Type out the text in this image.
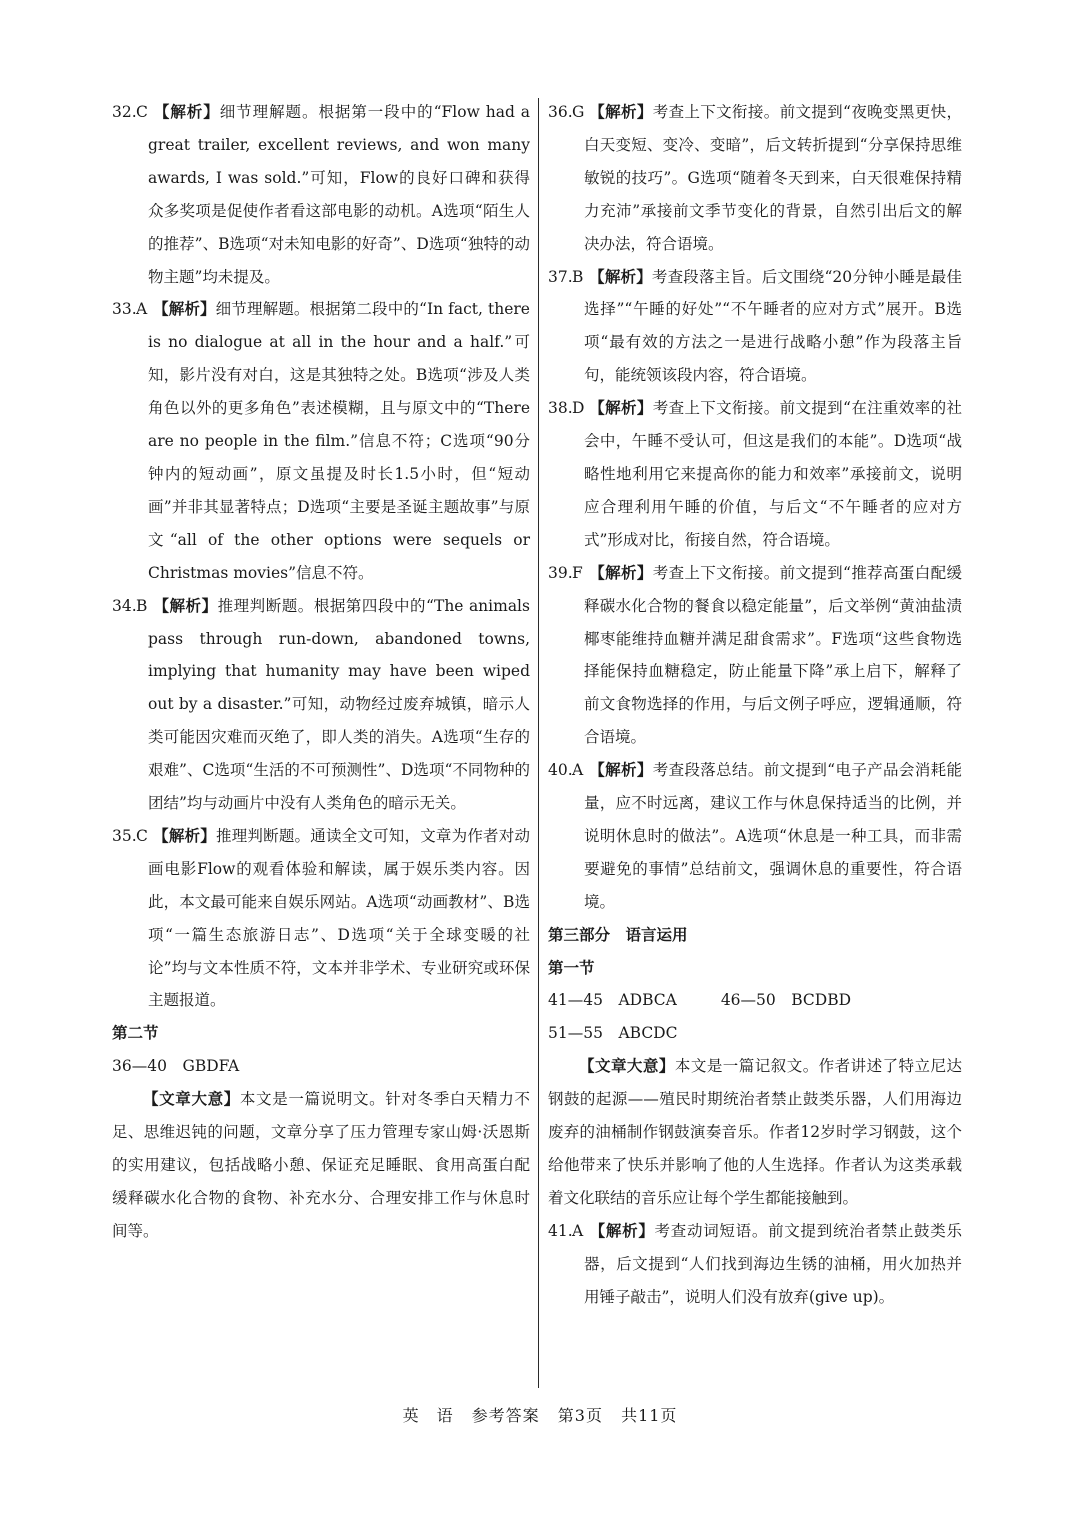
32.C 【解析】细节理解题。根据第一段中的“Flow had a great trailer, excellent reviews, and won many awards, I was sold.”可知，Flow的良好口碑和获得众多奖项是促使作者看这部电影的动机。A选项“陌生人的推荐”、B选项“对未知电影的好奇”、D选项“独特的动物主题”均未提及。
33.A 【解析】细节理解题。根据第二段中的“In fact, there is no dialogue at all in the hour and a half.”可知，影片没有对白，这是其独特之处。B选项“涉及人类角色以外的更多角色”表述模糊，且与原文中的“There are no people in the film.”信息不符；C选项“90分钟内的短动画”，原文虽提及时长1.5小时，但“短动画”并非其显著特点；D选项“主要是圣诞主题故事”与原文“all of the other options were sequels or Christmas movies”信息不符。
34.B 【解析】推理判断题。根据第四段中的“The animals pass through run-down, abandoned towns, implying that humanity may have been wiped out by a disaster.”可知，动物经过废弃城镇，暗示人类可能因灾难而灭绝了，即人类的消失。A选项“生存的艰难”、C选项“生活的不可预测性”、D选项“不同物种的团结”均与动画片中没有人类角色的暗示无关。
35.C 【解析】推理判断题。通读全文可知，文章为作者对动画电影Flow的观看体验和解读，属于娱乐类内容。因此，本文最可能来自娱乐网站。A选项“动画教材”、B选项“一篇生态旅游日志”、D选项“关于全球变暖的社论”均与文本性质不符，文本并非学术、专业研究或环保主题报道。
第二节
36—40　GBDFA
【文章大意】本文是一篇说明文。针对冬季白天精力不足、思维迟钝的问题，文章分享了压力管理专家山姆·沃恩斯的实用建议，包括战略小憩、保证充足睡眠、食用高蛋白配缓释碳水化合物的食物、补充水分、合理安排工作与休息时间等。
36.G 【解析】考查上下文衔接。前文提到“夜晚变黑更快，白天变短、变冷、变暗”，后文转折提到“分享保持思维敏锐的技巧”。G选项“随着冬天到来，白天很难保持精力充沛”承接前文季节变化的背景，自然引出后文的解决办法，符合语境。
37.B 【解析】考查段落主旨。后文围绕“20分钟小睡是最佳选择”“午睡的好处”“不午睡者的应对方式”展开。B选项“最有效的方法之一是进行战略小憩”作为段落主旨句，能统领该段内容，符合语境。
38.D 【解析】考查上下文衔接。前文提到“在注重效率的社会中，午睡不受认可，但这是我们的本能”。D选项“战略性地利用它来提高你的能力和效率”承接前文，说明应合理利用午睡的价值，与后文“不午睡者的应对方式”形成对比，衔接自然，符合语境。
39.F 【解析】考查上下文衔接。前文提到“推荐高蛋白配缓释碳水化合物的餐食以稳定能量”，后文举例“黄油盐渍椰枣能维持血糖并满足甜食需求”。F选项“这些食物选择能保持血糖稳定，防止能量下降”承上启下，解释了前文食物选择的作用，与后文例子呼应，逻辑通顺，符合语境。
40.A 【解析】考查段落总结。前文提到“电子产品会消耗能量，应不时远离，建议工作与休息保持适当的比例，并说明休息时的做法”。A选项“休息是一种工具，而非需要避免的事情”总结前文，强调休息的重要性，符合语境。
第三部分　语言运用
第一节
41—45　ADBCA	46—50　BCDBD
51—55　ABCDC
【文章大意】本文是一篇记叙文。作者讲述了特立尼达钢鼓的起源——殖民时期统治者禁止鼓类乐器，人们用海边废弃的油桶制作钢鼓演奏音乐。作者12岁时学习钢鼓，这个给他带来了快乐并影响了他的人生选择。作者认为这类承载着文化联结的音乐应让每个学生都能接触到。
41.A 【解析】考查动词短语。前文提到统治者禁止鼓类乐器，后文提到“人们找到海边生锈的油桶，用火加热并用锤子敲击”，说明人们没有放弃(give up)。
英　语 参考答案 第3页 共11页
